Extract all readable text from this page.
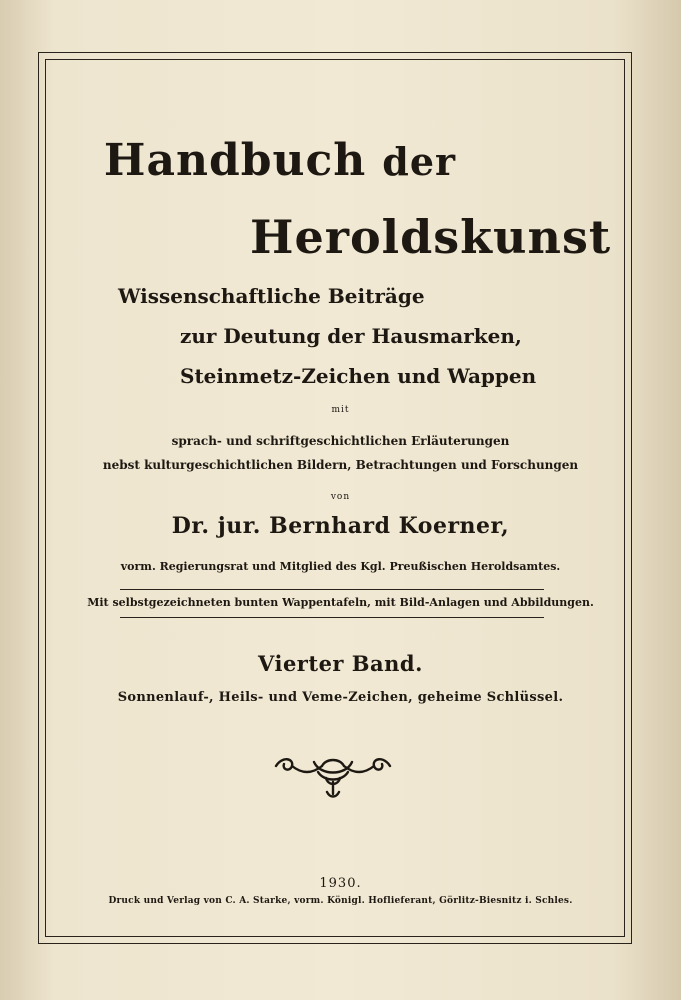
Handbuch der
Heroldskunst
Wissenschaftliche Beiträge
zur Deutung der Hausmarken,
Steinmetz-Zeichen und Wappen
mit
sprach- und schriftgeschichtlichen Erläuterungen
nebst kulturgeschichtlichen Bildern, Betrachtungen und Forschungen
von
Dr. jur. Bernhard Koerner,
vorm. Regierungsrat und Mitglied des Kgl. Preußischen Heroldsamtes.
Mit selbstgezeichneten bunten Wappentafeln, mit Bild-Anlagen und Abbildungen.
Vierter Band.
Sonnenlauf-, Heils- und Veme-Zeichen, geheime Schlüssel.
1930.
Druck und Verlag von C. A. Starke, vorm. Königl. Hoflieferant, Görlitz-Biesnitz i. Schles.
